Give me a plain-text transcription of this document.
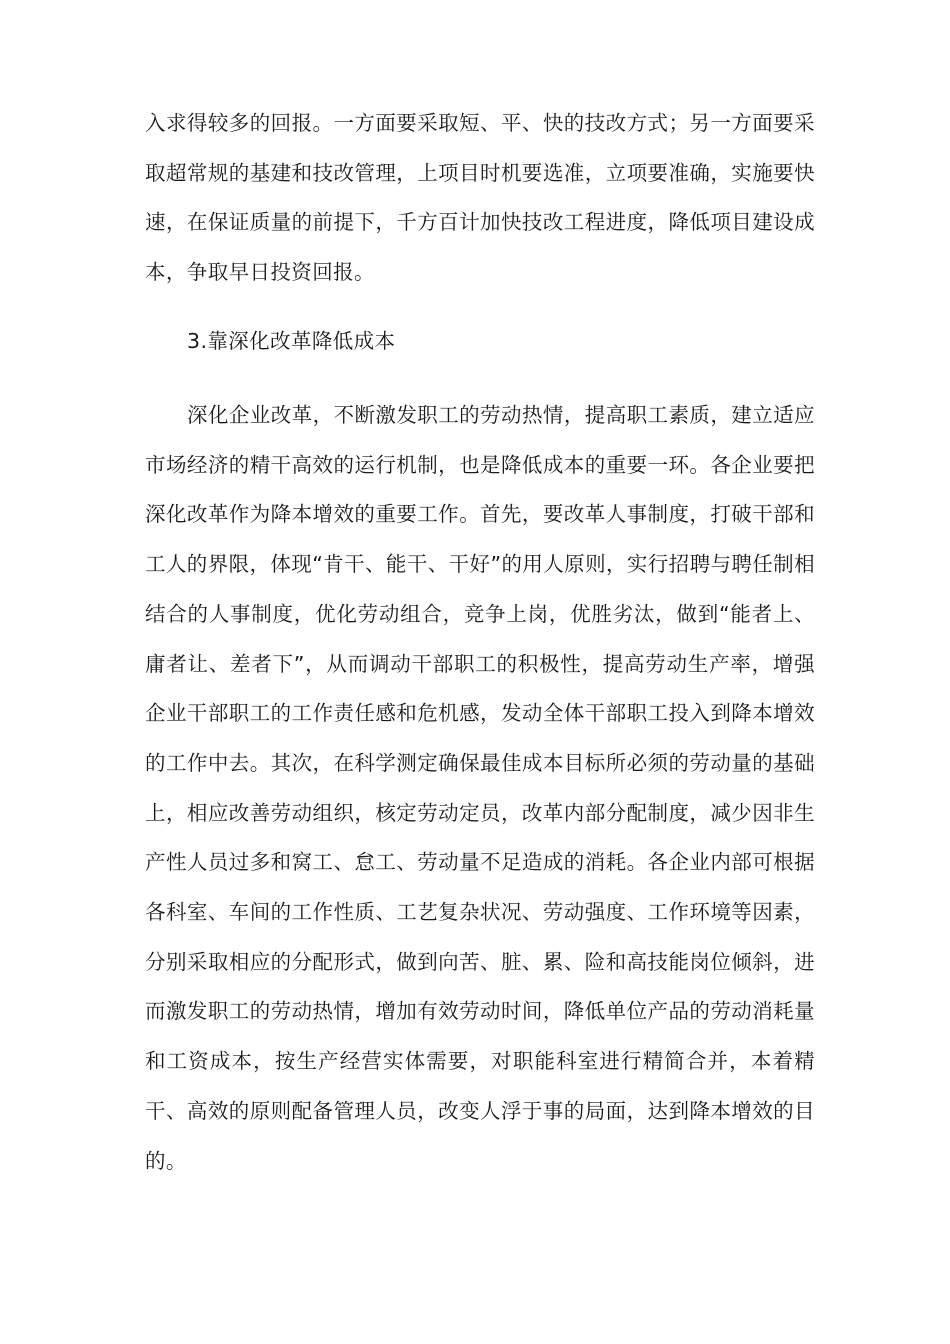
入求得较多的回报。一方面要采取短、平、快的技改方式；另一方面要采取超常规的基建和技改管理，上项目时机要选准，立项要准确，实施要快速，在保证质量的前提下，千方百计加快技改工程进度，降低项目建设成本，争取早日投资回报。
3.靠深化改革降低成本
深化企业改革，不断激发职工的劳动热情，提高职工素质，建立适应市场经济的精干高效的运行机制，也是降低成本的重要一环。各企业要把深化改革作为降本增效的重要工作。首先，要改革人事制度，打破干部和工人的界限，体现“肯干、能干、干好”的用人原则，实行招聘与聘任制相结合的人事制度，优化劳动组合，竞争上岗，优胜劣汰，做到“能者上、庸者让、差者下”，从而调动干部职工的积极性，提高劳动生产率，增强企业干部职工的工作责任感和危机感，发动全体干部职工投入到降本增效的工作中去。其次，在科学测定确保最佳成本目标所必须的劳动量的基础上，相应改善劳动组织，核定劳动定员，改革内部分配制度，减少因非生产性人员过多和窝工、怠工、劳动量不足造成的消耗。各企业内部可根据各科室、车间的工作性质、工艺复杂状况、劳动强度、工作环境等因素，分别采取相应的分配形式，做到向苦、脏、累、险和高技能岗位倾斜，进而激发职工的劳动热情，增加有效劳动时间，降低单位产品的劳动消耗量和工资成本，按生产经营实体需要，对职能科室进行精简合并，本着精干、高效的原则配备管理人员，改变人浮于事的局面，达到降本增效的目的。
